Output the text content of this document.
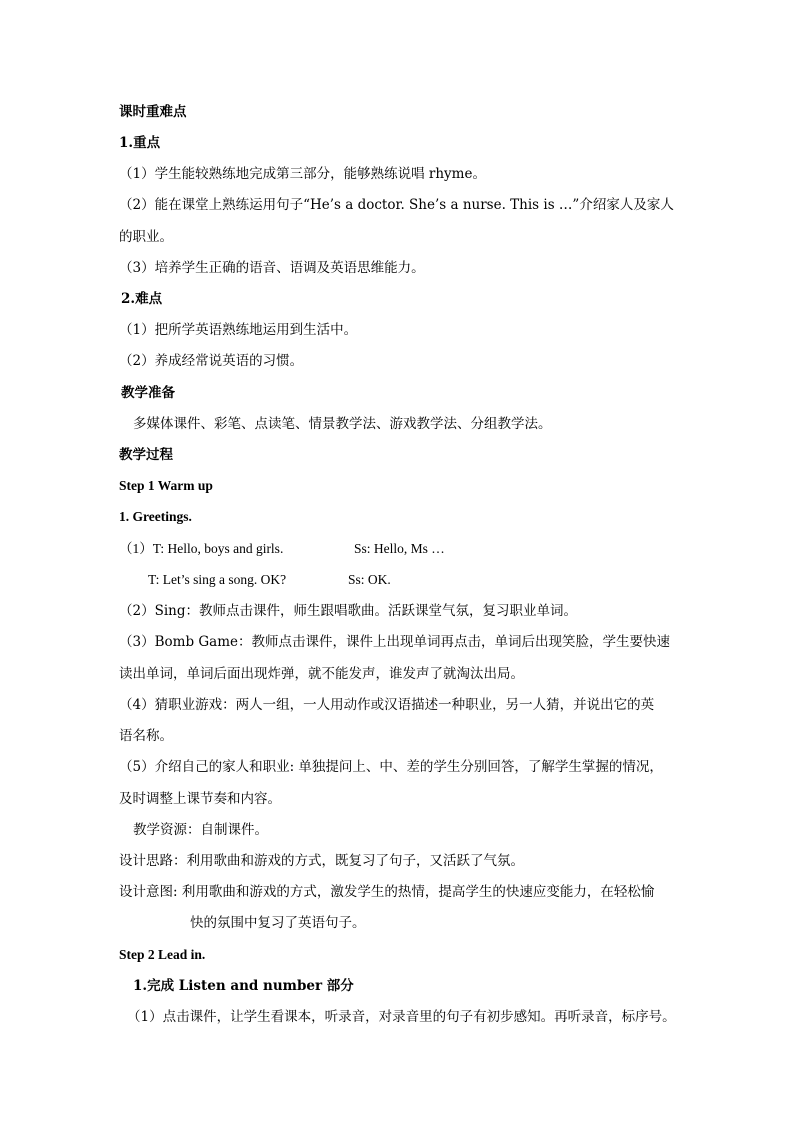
课时重难点
1.重点
（1）学生能较熟练地完成第三部分，能够熟练说唱 rhyme。
（2）能在课堂上熟练运用句子“He’s a doctor. She’s a nurse. This is …”介绍家人及家人
的职业。
（3）培养学生正确的语音、语调及英语思维能力。
2.难点
（1）把所学英语熟练地运用到生活中。
（2）养成经常说英语的习惯。
教学准备
多媒体课件、彩笔、点读笔、情景教学法、游戏教学法、分组教学法。
教学过程
Step 1 Warm up
1. Greetings.
（1）T: Hello, boys and girls.	Ss: Hello, Ms …
T: Let’s sing a song. OK?	Ss: OK.
（2）Sing：教师点击课件，师生跟唱歌曲。活跃课堂气氛，复习职业单词。
（3）Bomb Game：教师点击课件，课件上出现单词再点击，单词后出现笑脸，学生要快速
读出单词，单词后面出现炸弹，就不能发声，谁发声了就淘汰出局。
（4）猜职业游戏：两人一组，一人用动作或汉语描述一种职业，另一人猜，并说出它的英
语名称。
（5）介绍自己的家人和职业: 单独提问上、中、差的学生分别回答，了解学生掌握的情况，
及时调整上课节奏和内容。
教学资源：自制课件。
设计思路：利用歌曲和游戏的方式，既复习了句子，又活跃了气氛。
设计意图: 利用歌曲和游戏的方式，激发学生的热情，提高学生的快速应变能力，在轻松愉
快的氛围中复习了英语句子。
Step 2 Lead in.
1.完成 Listen and number 部分
（1）点击课件，让学生看课本，听录音，对录音里的句子有初步感知。再听录音，标序号。
